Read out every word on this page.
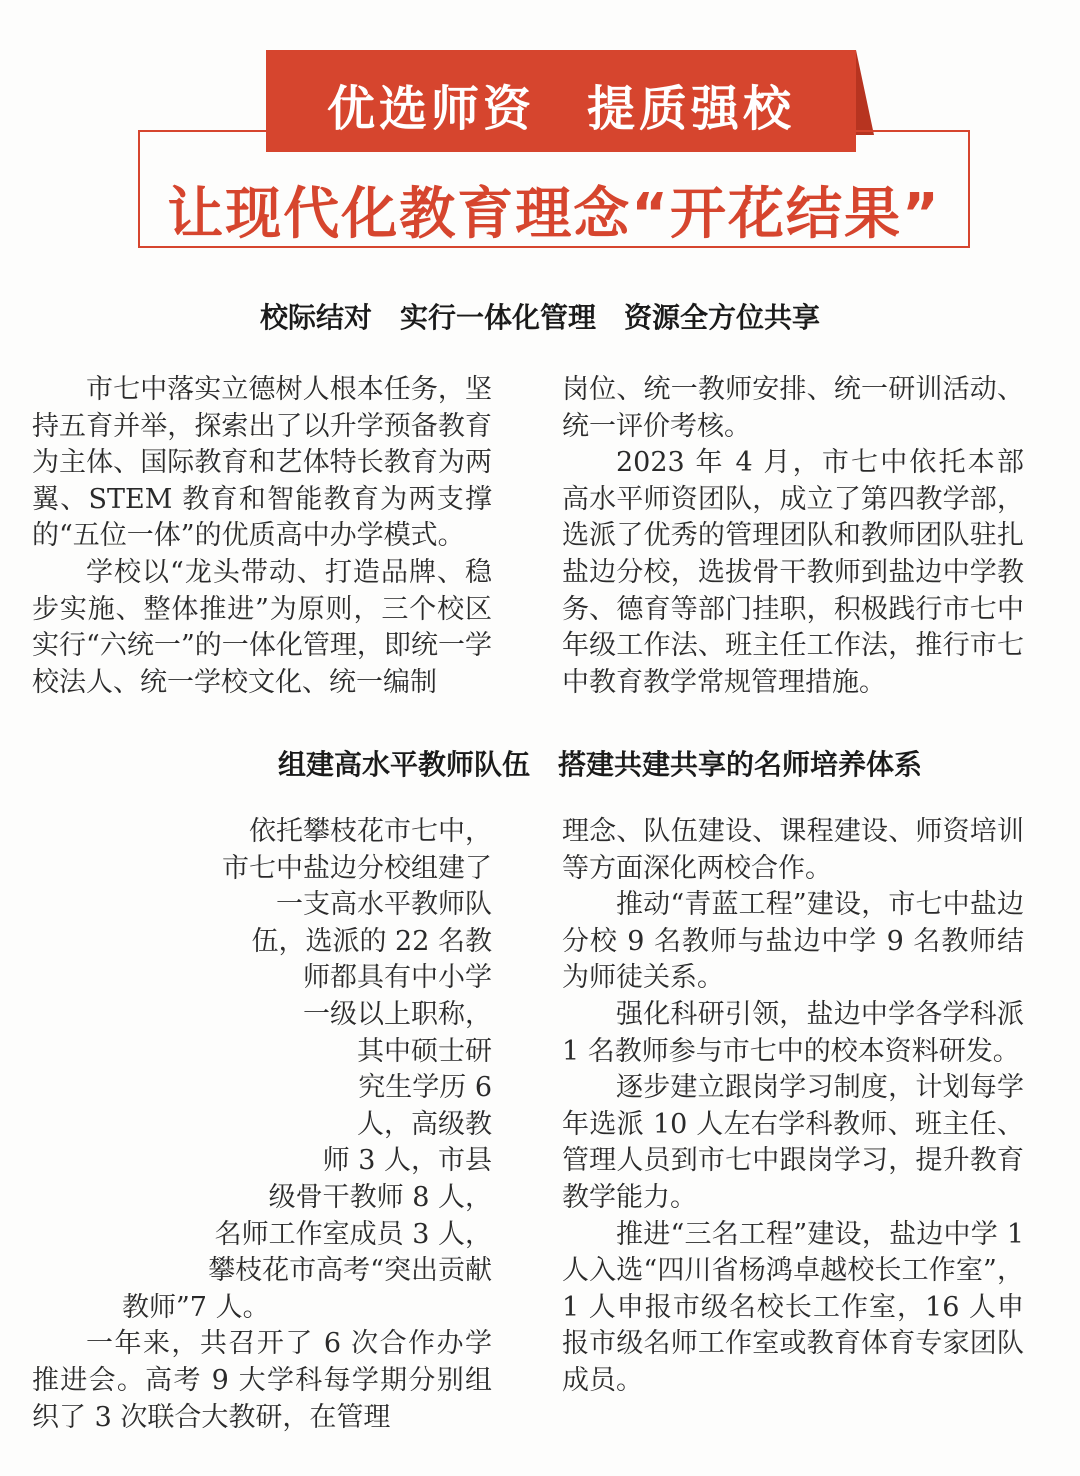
优选师资　提质强校
让现代化教育理念“开花结果”
校际结对　实行一体化管理　资源全方位共享

市七中落实立德树人根本任务，坚持五育并举，探索出了以升学预备教育为主体、国际教育和艺体特长教育为两翼、STEM 教育和智能教育为两支撑的“五位一体”的优质高中办学模式。

学校以“龙头带动、打造品牌、稳步实施、整体推进”为原则，三个校区实行“六统一”的一体化管理，即统一学校法人、统一学校文化、统一编制

岗位、统一教师安排、统一研训活动、统一评价考核。

2023 年 4 月，市七中依托本部高水平师资团队，成立了第四教学部，选派了优秀的管理团队和教师团队驻扎盐边分校，选拔骨干教师到盐边中学教务、德育等部门挂职，积极践行市七中年级工作法、班主任工作法，推行市七中教育教学常规管理措施。

组建高水平教师队伍　搭建共建共享的名师培养体系
依托攀枝花市七中，
市七中盐边分校组建了
一支高水平教师队
伍，选派的 22 名教
师都具有中小学
一级以上职称，
其中硕士研
究生学历 6
人，高级教
师 3 人，市县
级骨干教师 8 人，
名师工作室成员 3 人，
攀枝花市高考“突出贡献
教师”7 人。

一年来，共召开了 6 次合作办学推进会。高考 9 大学科每学期分别组织了 3 次联合大教研，在管理

理念、队伍建设、课程建设、师资培训等方面深化两校合作。

推动“青蓝工程”建设，市七中盐边分校 9 名教师与盐边中学 9 名教师结为师徒关系。

强化科研引领，盐边中学各学科派 1 名教师参与市七中的校本资料研发。

逐步建立跟岗学习制度，计划每学年选派 10 人左右学科教师、班主任、管理人员到市七中跟岗学习，提升教育教学能力。

推进“三名工程”建设，盐边中学 1 人入选“四川省杨鸿卓越校长工作室”，1 人申报市级名校长工作室，16 人申报市级名师工作室或教育体育专家团队成员。
